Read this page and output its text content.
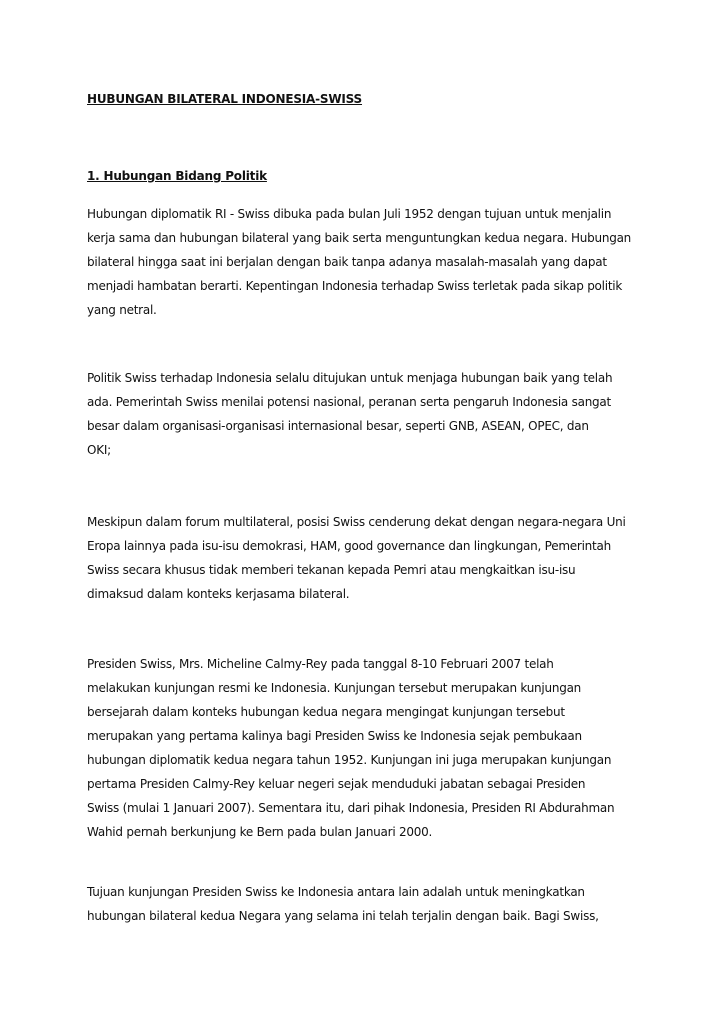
HUBUNGAN BILATERAL INDONESIA-SWISS
1. Hubungan Bidang Politik
Hubungan diplomatik RI - Swiss dibuka pada bulan Juli 1952 dengan tujuan untuk menjalin
kerja sama dan hubungan bilateral yang baik serta menguntungkan kedua negara. Hubungan
bilateral hingga saat ini berjalan dengan baik tanpa adanya masalah-masalah yang dapat
menjadi hambatan berarti. Kepentingan Indonesia terhadap Swiss terletak pada sikap politik
yang netral.
Politik Swiss terhadap Indonesia selalu ditujukan untuk menjaga hubungan baik yang telah
ada. Pemerintah Swiss menilai potensi nasional, peranan serta pengaruh Indonesia sangat
besar dalam organisasi-organisasi internasional besar, seperti GNB, ASEAN, OPEC, dan
OKI;
Meskipun dalam forum multilateral, posisi Swiss cenderung dekat dengan negara-negara Uni
Eropa lainnya pada isu-isu demokrasi, HAM, good governance dan lingkungan, Pemerintah
Swiss secara khusus tidak memberi tekanan kepada Pemri atau mengkaitkan isu-isu
dimaksud dalam konteks kerjasama bilateral.
Presiden Swiss, Mrs. Micheline Calmy-Rey pada tanggal 8-10 Februari 2007 telah
melakukan kunjungan resmi ke Indonesia. Kunjungan tersebut merupakan kunjungan
bersejarah dalam konteks hubungan kedua negara mengingat kunjungan tersebut
merupakan yang pertama kalinya bagi Presiden Swiss ke Indonesia sejak pembukaan
hubungan diplomatik kedua negara tahun 1952. Kunjungan ini juga merupakan kunjungan
pertama Presiden Calmy-Rey keluar negeri sejak menduduki jabatan sebagai Presiden
Swiss (mulai 1 Januari 2007). Sementara itu, dari pihak Indonesia, Presiden RI Abdurahman
Wahid pernah berkunjung ke Bern pada bulan Januari 2000.
Tujuan kunjungan Presiden Swiss ke Indonesia antara lain adalah untuk meningkatkan
hubungan bilateral kedua Negara yang selama ini telah terjalin dengan baik. Bagi Swiss,
